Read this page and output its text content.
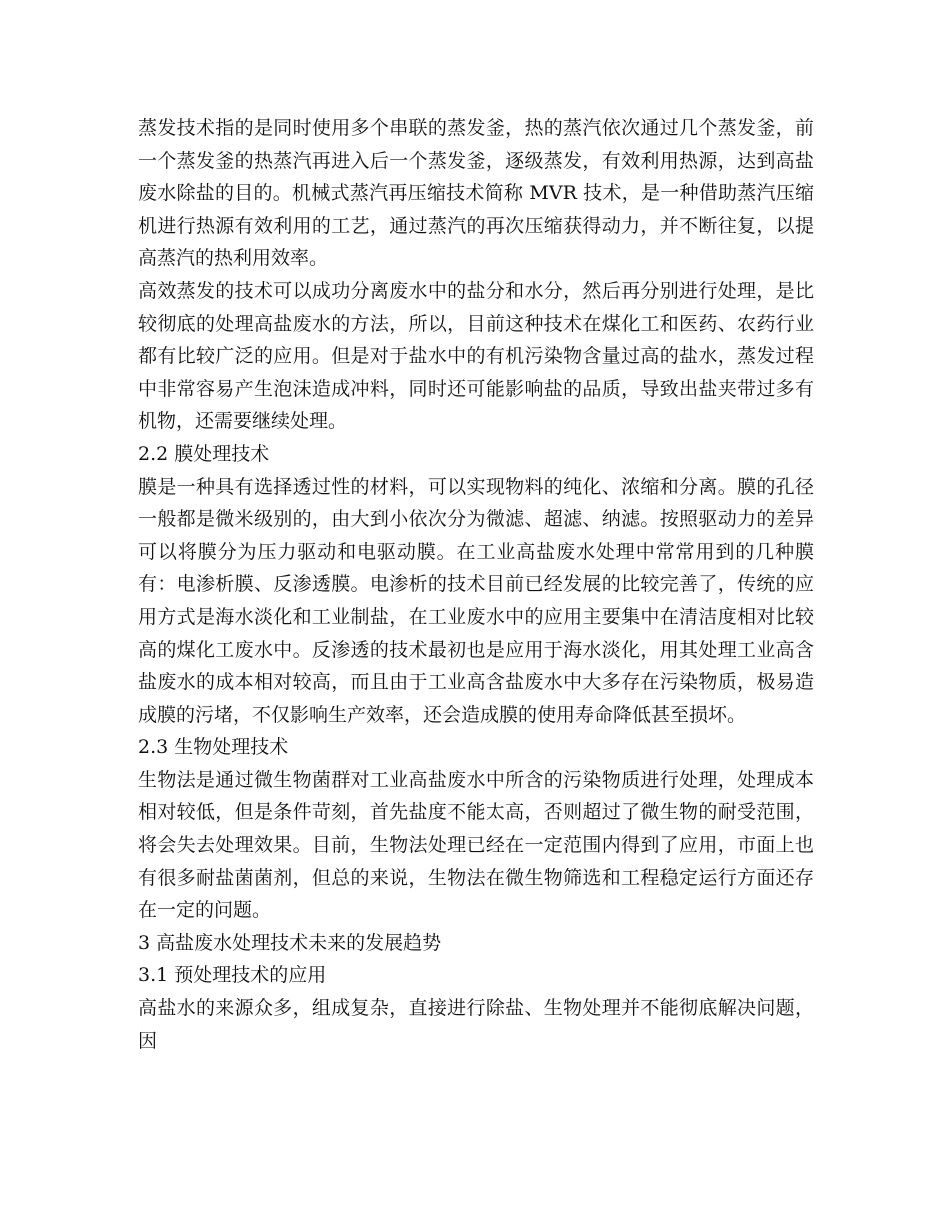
蒸发技术指的是同时使用多个串联的蒸发釜，热的蒸汽依次通过几个蒸发釜，前一个蒸发釜的热蒸汽再进入后一个蒸发釜，逐级蒸发，有效利用热源，达到高盐废水除盐的目的。机械式蒸汽再压缩技术简称 MVR 技术，是一种借助蒸汽压缩机进行热源有效利用的工艺，通过蒸汽的再次压缩获得动力，并不断往复，以提高蒸汽的热利用效率。

高效蒸发的技术可以成功分离废水中的盐分和水分，然后再分别进行处理，是比较彻底的处理高盐废水的方法，所以，目前这种技术在煤化工和医药、农药行业都有比较广泛的应用。但是对于盐水中的有机污染物含量过高的盐水，蒸发过程中非常容易产生泡沫造成冲料，同时还可能影响盐的品质，导致出盐夹带过多有机物，还需要继续处理。

2.2 膜处理技术

膜是一种具有选择透过性的材料，可以实现物料的纯化、浓缩和分离。膜的孔径一般都是微米级别的，由大到小依次分为微滤、超滤、纳滤。按照驱动力的差异可以将膜分为压力驱动和电驱动膜。在工业高盐废水处理中常常用到的几种膜有：电渗析膜、反渗透膜。电渗析的技术目前已经发展的比较完善了，传统的应用方式是海水淡化和工业制盐，在工业废水中的应用主要集中在清洁度相对比较高的煤化工废水中。反渗透的技术最初也是应用于海水淡化，用其处理工业高含盐废水的成本相对较高，而且由于工业高含盐废水中大多存在污染物质，极易造成膜的污堵，不仅影响生产效率，还会造成膜的使用寿命降低甚至损坏。

2.3 生物处理技术

生物法是通过微生物菌群对工业高盐废水中所含的污染物质进行处理，处理成本相对较低，但是条件苛刻，首先盐度不能太高，否则超过了微生物的耐受范围，将会失去处理效果。目前，生物法处理已经在一定范围内得到了应用，市面上也有很多耐盐菌菌剂，但总的来说，生物法在微生物筛选和工程稳定运行方面还存在一定的问题。

3 高盐废水处理技术未来的发展趋势
3.1 预处理技术的应用

高盐水的来源众多，组成复杂，直接进行除盐、生物处理并不能彻底解决问题，因
